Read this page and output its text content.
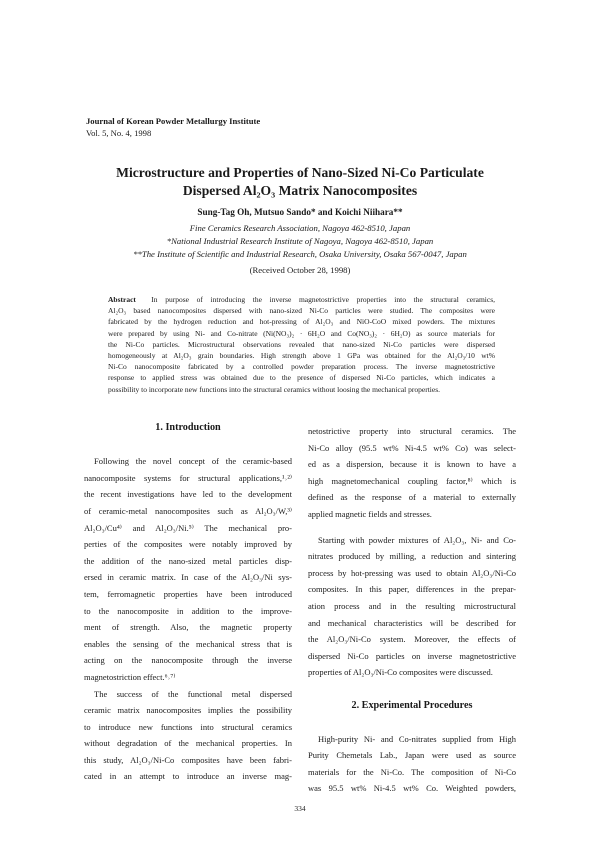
Journal of Korean Powder Metallurgy Institute
Vol. 5, No. 4, 1998
Microstructure and Properties of Nano-Sized Ni-Co Particulate
Dispersed Al₂O₃ Matrix Nanocomposites
Sung-Tag Oh, Mutsuo Sando* and Koichi Niihara**
Fine Ceramics Research Association, Nagoya 462-8510, Japan
*National Industrial Research Institute of Nagoya, Nagoya 462-8510, Japan
**The Institute of Scientific and Industrial Research, Osaka University, Osaka 567-0047, Japan
(Received October 28, 1998)
Abstract In purpose of introducing the inverse magnetostrictive properties into the structural ceramics,
Al₂O₃ based nanocomposites dispersed with nano-sized Ni-Co particles were studied. The composites were
fabricated by the hydrogen reduction and hot-pressing of Al₂O₃ and NiO-CoO mixed powders. The mixtures
were prepared by using Ni- and Co-nitrate (Ni(NO₃)₂ · 6H₂O and Co(NO₃)₂ · 6H₂O) as source materials for
the Ni-Co particles. Microstructural observations revealed that nano-sized Ni-Co particles were dispersed
homogeneously at Al₂O₃ grain boundaries. High strength above 1 GPa was obtained for the Al₂O₃/10 wt%
Ni-Co nanocomposite fabricated by a controlled powder preparation process. The inverse magnetostrictive
response to applied stress was obtained due to the presence of dispersed Ni-Co particles, which indicates a
possibility to incorporate new functions into the structural ceramics without loosing the mechanical properties.
1. Introduction
Following the novel concept of the ceramic-based
nanocomposite systems for structural applications,¹˒²⁾
the recent investigations have led to the development
of ceramic-metal nanocomposites such as Al₂O₃/W,³⁾
Al₂O₃/Cu⁴⁾ and Al₂O₃/Ni.⁵⁾ The mechanical pro-
perties of the composites were notably improved by
the addition of the nano-sized metal particles disp-
ersed in ceramic matrix. In case of the Al₂O₃/Ni sys-
tem, ferromagnetic properties have been introduced
to the nanocomposite in addition to the improve-
ment of strength. Also, the magnetic property
enables the sensing of the mechanical stress that is
acting on the nanocomposite through the inverse
magnetostriction effect.⁶˒⁷⁾
The success of the functional metal dispersed
ceramic matrix nanocomposites implies the possibility
to introduce new functions into structural ceramics
without degradation of the mechanical properties. In
this study, Al₂O₃/Ni-Co composites have been fabri-
cated in an attempt to introduce an inverse mag-
netostrictive property into structural ceramics. The
Ni-Co alloy (95.5 wt% Ni-4.5 wt% Co) was select-
ed as a dispersion, because it is known to have a
high magnetomechanical coupling factor,⁸⁾ which is
defined as the response of a material to externally
applied magnetic fields and stresses.
Starting with powder mixtures of Al₂O₃, Ni- and Co-
nitrates produced by milling, a reduction and sintering
process by hot-pressing was used to obtain Al₂O₃/Ni-Co
composites. In this paper, differences in the prepar-
ation process and in the resulting microstructural
and mechanical characteristics will be described for
the Al₂O₃/Ni-Co system. Moreover, the effects of
dispersed Ni-Co particles on inverse magnetostrictive
properties of Al₂O₃/Ni-Co composites were discussed.
2. Experimental Procedures
High-purity Ni- and Co-nitrates supplied from High
Purity Chemetals Lab., Japan were used as source
materials for the Ni-Co. The composition of Ni-Co
was 95.5 wt% Ni-4.5 wt% Co. Weighted powders,
334
